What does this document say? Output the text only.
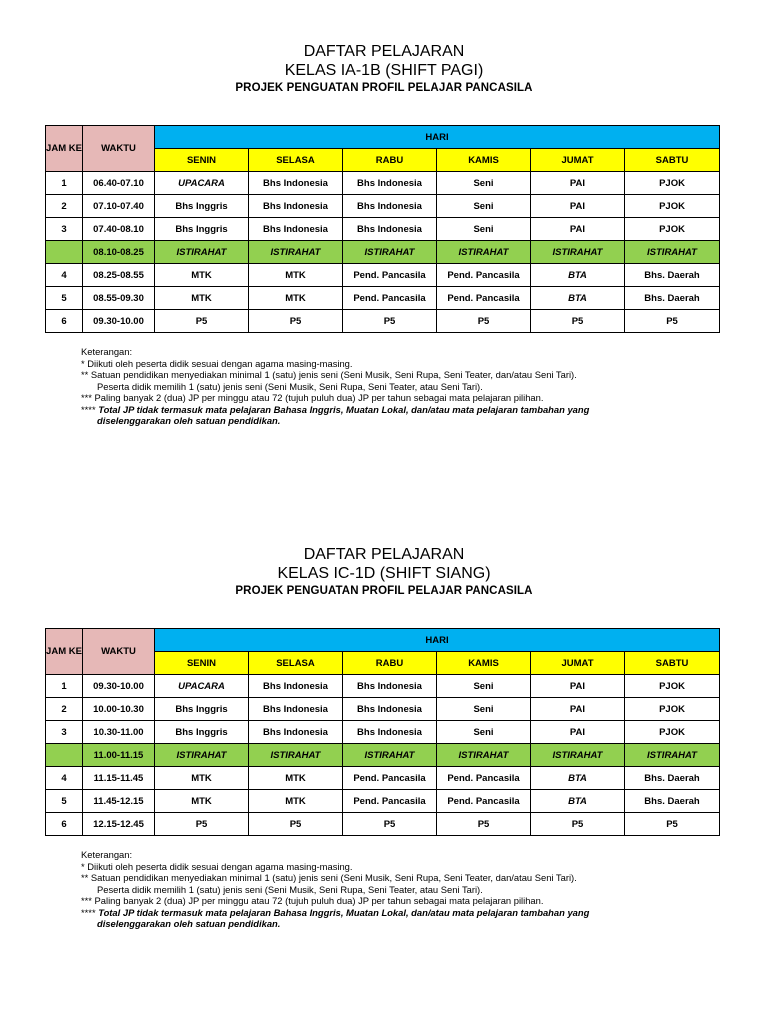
DAFTAR PELAJARAN
KELAS IA-1B (SHIFT PAGI)
PROJEK PENGUATAN PROFIL PELAJAR PANCASILA
JAM KE	WAKTU	HARI					
		SENIN	SELASA	RABU	KAMIS	JUMAT	SABTU
1	06.40-07.10	UPACARA	Bhs Indonesia	Bhs Indonesia	Seni	PAI	PJOK
2	07.10-07.40	Bhs Inggris	Bhs Indonesia	Bhs Indonesia	Seni	PAI	PJOK
3	07.40-08.10	Bhs Inggris	Bhs Indonesia	Bhs Indonesia	Seni	PAI	PJOK
	08.10-08.25	ISTIRAHAT	ISTIRAHAT	ISTIRAHAT	ISTIRAHAT	ISTIRAHAT	ISTIRAHAT
4	08.25-08.55	MTK	MTK	Pend. Pancasila	Pend. Pancasila	BTA	Bhs. Daerah
5	08.55-09.30	MTK	MTK	Pend. Pancasila	Pend. Pancasila	BTA	Bhs. Daerah
6	09.30-10.00	P5	P5	P5	P5	P5	P5
Keterangan:
* Diikuti oleh peserta didik sesuai dengan agama masing-masing.
** Satuan pendidikan menyediakan minimal 1 (satu) jenis seni (Seni Musik, Seni Rupa, Seni Teater, dan/atau Seni Tari).
Peserta didik memilih 1 (satu) jenis seni (Seni Musik, Seni Rupa, Seni Teater, atau Seni Tari).
*** Paling banyak 2 (dua) JP per minggu atau 72 (tujuh puluh dua) JP per tahun sebagai mata pelajaran pilihan.
**** Total JP tidak termasuk mata pelajaran Bahasa Inggris, Muatan Lokal, dan/atau mata pelajaran tambahan yang
diselenggarakan oleh satuan pendidikan.
DAFTAR PELAJARAN
KELAS IC-1D (SHIFT SIANG)
PROJEK PENGUATAN PROFIL PELAJAR PANCASILA
JAM KE	WAKTU	HARI					
		SENIN	SELASA	RABU	KAMIS	JUMAT	SABTU
1	09.30-10.00	UPACARA	Bhs Indonesia	Bhs Indonesia	Seni	PAI	PJOK
2	10.00-10.30	Bhs Inggris	Bhs Indonesia	Bhs Indonesia	Seni	PAI	PJOK
3	10.30-11.00	Bhs Inggris	Bhs Indonesia	Bhs Indonesia	Seni	PAI	PJOK
	11.00-11.15	ISTIRAHAT	ISTIRAHAT	ISTIRAHAT	ISTIRAHAT	ISTIRAHAT	ISTIRAHAT
4	11.15-11.45	MTK	MTK	Pend. Pancasila	Pend. Pancasila	BTA	Bhs. Daerah
5	11.45-12.15	MTK	MTK	Pend. Pancasila	Pend. Pancasila	BTA	Bhs. Daerah
6	12.15-12.45	P5	P5	P5	P5	P5	P5
Keterangan:
* Diikuti oleh peserta didik sesuai dengan agama masing-masing.
** Satuan pendidikan menyediakan minimal 1 (satu) jenis seni (Seni Musik, Seni Rupa, Seni Teater, dan/atau Seni Tari).
Peserta didik memilih 1 (satu) jenis seni (Seni Musik, Seni Rupa, Seni Teater, atau Seni Tari).
*** Paling banyak 2 (dua) JP per minggu atau 72 (tujuh puluh dua) JP per tahun sebagai mata pelajaran pilihan.
**** Total JP tidak termasuk mata pelajaran Bahasa Inggris, Muatan Lokal, dan/atau mata pelajaran tambahan yang
diselenggarakan oleh satuan pendidikan.
